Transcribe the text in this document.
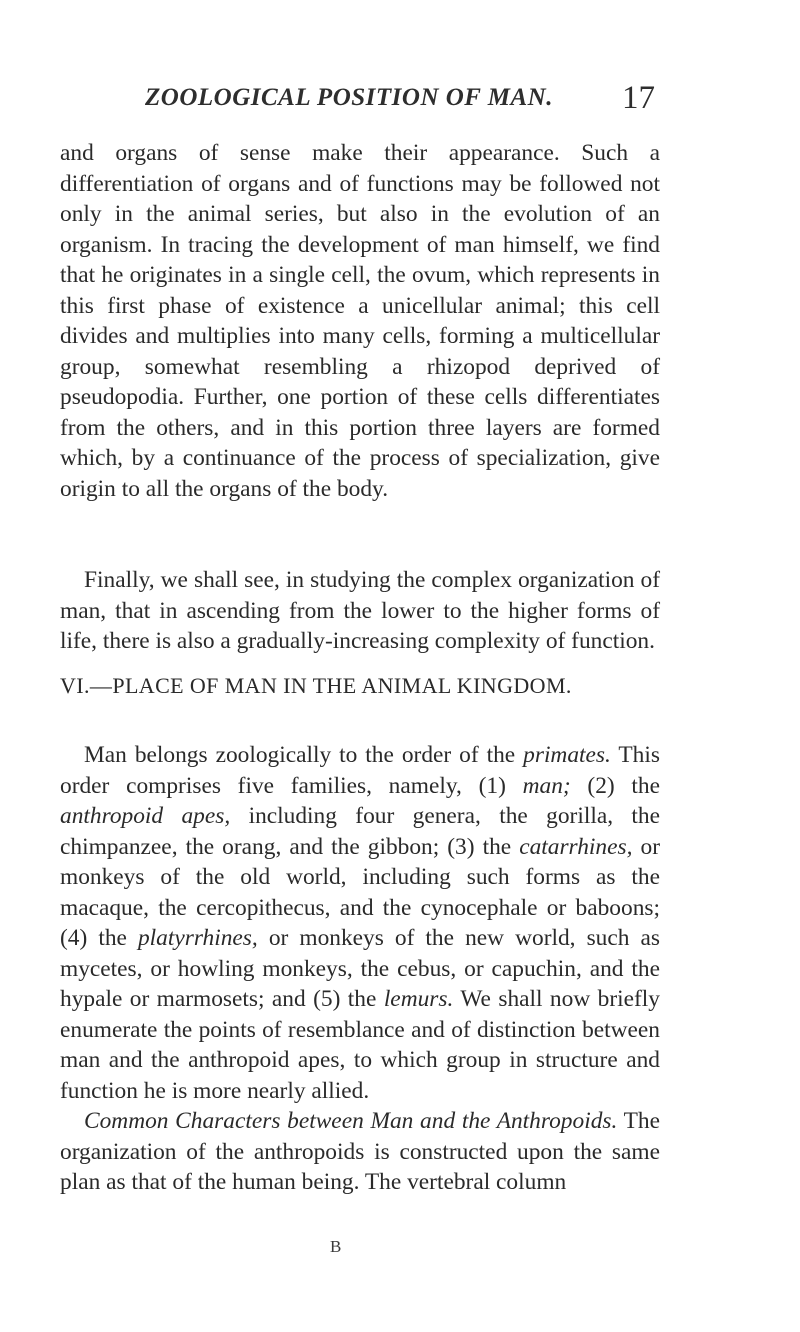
ZOOLOGICAL POSITION OF MAN. 17

and organs of sense make their appearance. Such a differentiation of organs and of functions may be followed not only in the animal series, but also in the evolution of an organism. In tracing the development of man himself, we find that he originates in a single cell, the ovum, which represents in this first phase of existence a unicellular animal; this cell divides and multiplies into many cells, forming a multicellular group, somewhat resembling a rhizopod deprived of pseudopodia. Further, one portion of these cells differentiates from the others, and in this portion three layers are formed which, by a continuance of the process of specialization, give origin to all the organs of the body.

Finally, we shall see, in studying the complex organization of man, that in ascending from the lower to the higher forms of life, there is also a gradually-increasing complexity of function.

VI.—PLACE OF MAN IN THE ANIMAL KINGDOM.

Man belongs zoologically to the order of the primates. This order comprises five families, namely, (1) man; (2) the anthropoid apes, including four genera, the gorilla, the chimpanzee, the orang, and the gibbon; (3) the catarrhines, or monkeys of the old world, including such forms as the macaque, the cercopithecus, and the cynocephale or baboons; (4) the platyrrhines, or monkeys of the new world, such as mycetes, or howling monkeys, the cebus, or capuchin, and the hypale or marmosets; and (5) the lemurs. We shall now briefly enumerate the points of resemblance and of distinction between man and the anthropoid apes, to which group in structure and function he is more nearly allied.

Common Characters between Man and the Anthropoids. The organization of the anthropoids is constructed upon the same plan as that of the human being. The vertebral column

B
